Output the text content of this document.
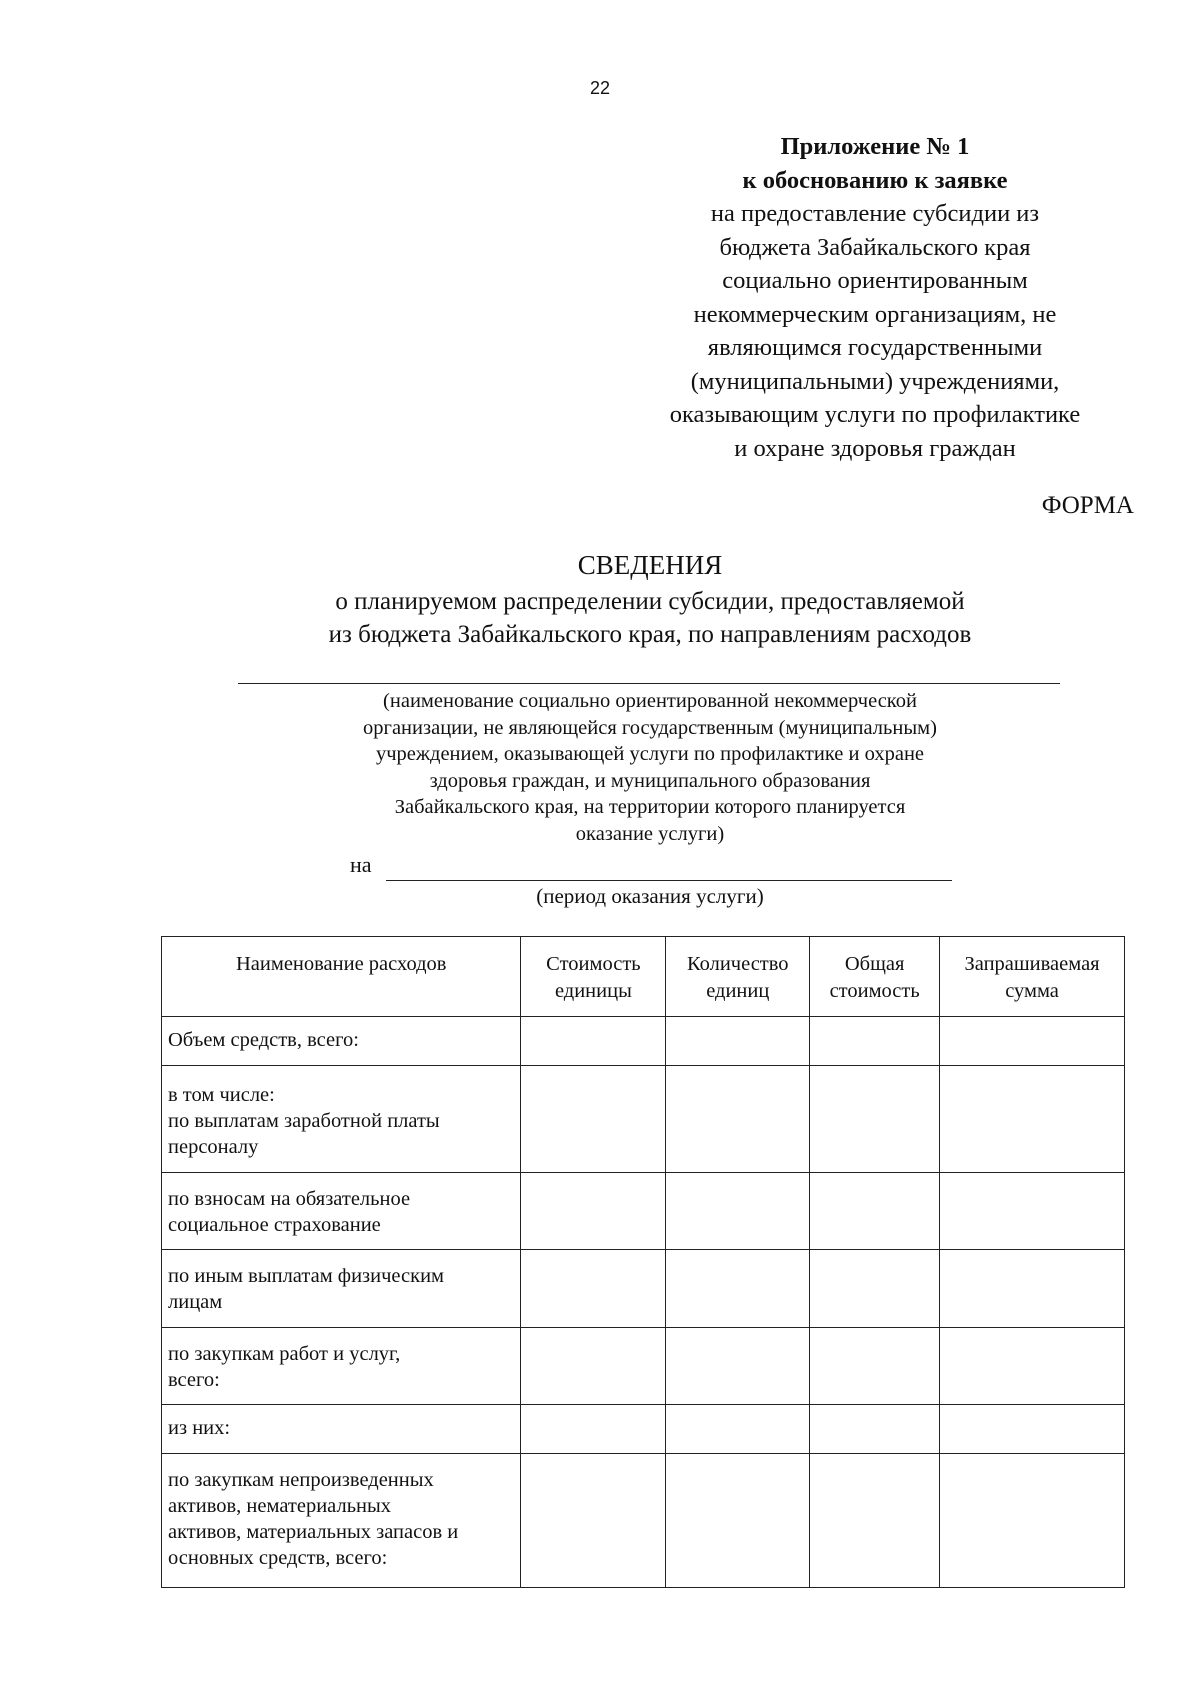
22
Приложение № 1
к обоснованию к заявке
на предоставление субсидии из
бюджета Забайкальского края
социально ориентированным
некоммерческим организациям, не
являющимся государственными
(муниципальными) учреждениями,
оказывающим услуги по профилактике
и охране здоровья граждан
ФОРМА
СВЕДЕНИЯ
о планируемом распределении субсидии, предоставляемой
из бюджета Забайкальского края, по направлениям расходов
(наименование социально ориентированной некоммерческой
организации, не являющейся государственным (муниципальным)
учреждением, оказывающей услуги по профилактике и охране
здоровья граждан, и муниципального образования
Забайкальского края, на территории которого планируется
оказание услуги)
на
(период оказания услуги)
Наименование расходов	Стоимость единицы	Количество единиц	Общая стоимость	Запрашиваемая сумма

Объем средств, всего:				

в том числе:
по выплатам заработной платы
персоналу				

по взносам на обязательное
социальное страхование				

по иным выплатам физическим
лицам				

по закупкам работ и услуг,
всего:				

из них:				

по закупкам непроизведенных
активов, нематериальных
активов, материальных запасов и
основных средств, всего:				
